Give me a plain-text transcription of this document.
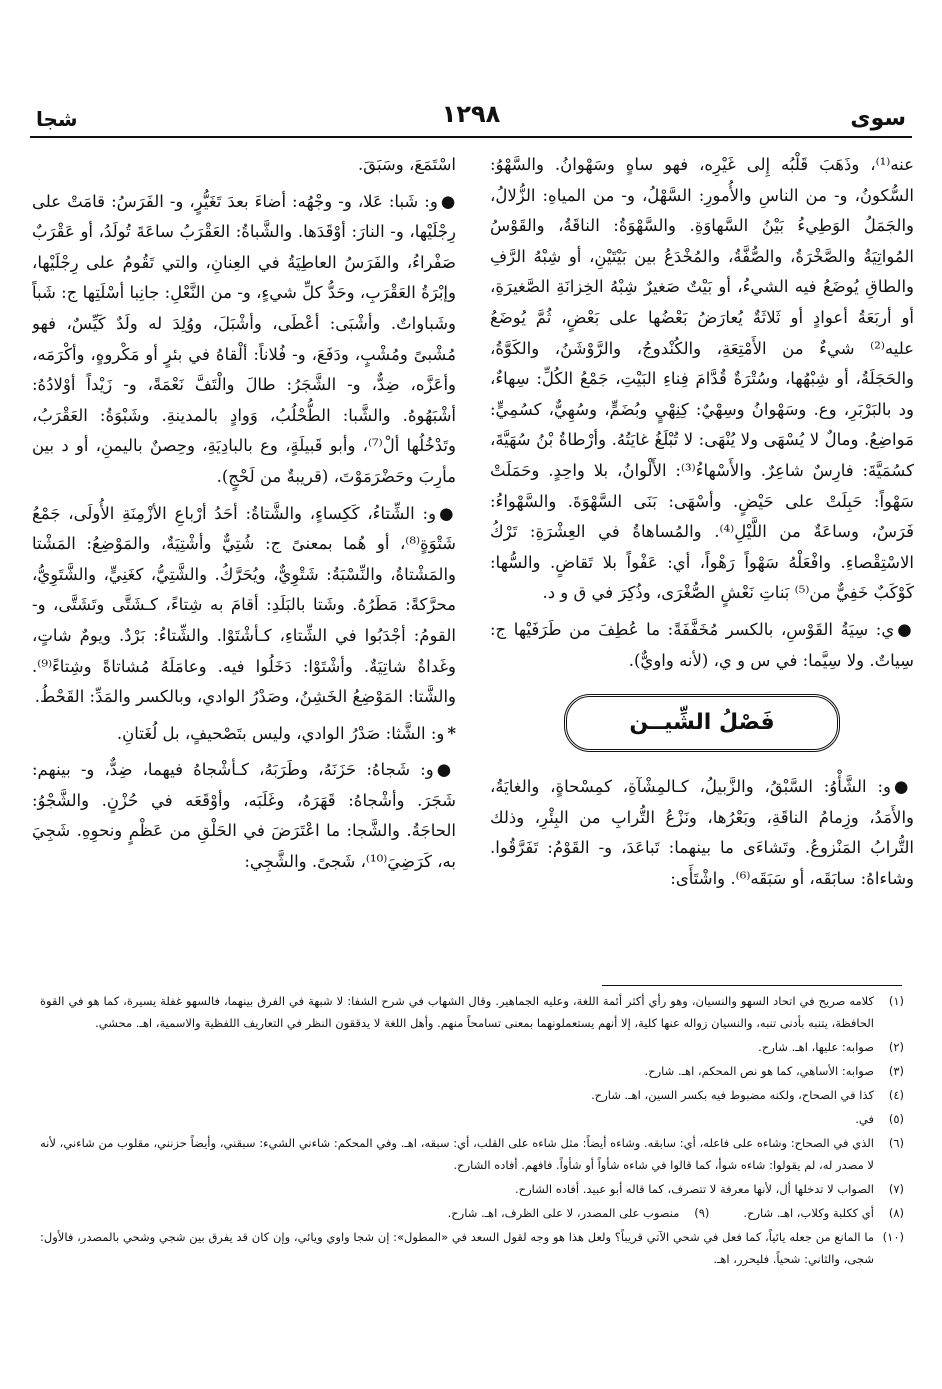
سوى
١٢٩٨
شجا

عنه⁽¹⁾، وذَهَبَ قَلْبُه إِلى غَيْرِه، فهو ساهٍ وسَهْوانُ. والسَّهْوُ: السُّكونُ، و- من الناسِ والأُمورِ: السَّهْلُ، و- من المياهِ: الزُّلالُ، والجَمَلُ الوَطِيءُ بَيْنُ السَّهاوَةِ. والسَّهْوَةُ: الناقَةُ، والقَوْسُ المُواتِيَةُ والصَّخْرَةُ، والصُّفَّةُ، والمُخْدَعُ بين بَيْتَيْنِ، أو شِبْهُ الرَّفِ والطاقِ يُوضَعُ فيه الشيءُ، أو بَيْتٌ صَغيرٌ شِبْهُ الخِزانَةِ الصَّغيرَةِ، أو أربَعَةُ أعوادٍ أو ثَلاثَةٌ يُعارَضُ بَعْضُها على بَعْضٍ، ثُمَّ يُوضَعُ عليه⁽²⁾ شيءٌ من الأَمْتِعَةِ، والكُنْدوجُ، والرَّوْشَنُ، والكَوَّةُ، والحَجَلَةُ، أو شِبْهُها، وسُتْرَةٌ قُدَّامَ فِناءِ البَيْتِ، جَمْعُ الكُلِّ: سِهاءٌ، ود بالبَرْبَرِ، وع. وسَهْوانُ وسِهْيٌ: كِنِهْيٍ وبُضَمٍّ، وسُهِيٌّ، كسُمِيٍّ: مَواضِعُ. ومالٌ لا يُسْهَى ولا يُنْهَى: لا تُبْلَغُ غايَتُهُ. وأرْطاةُ بْنُ سُهَيَّةَ، كسُمَيَّةَ: فارِسٌ شاعِرٌ. والأَسْهاءُ⁽³⁾: الأَلْوانُ، بلا واحِدٍ. وحَمَلَتْ سَهْواً: حَبِلَتْ على حَيْضٍ. وأسْهَى: بَنَى السَّهْوَةَ. والسَّهْواءُ: فَرَسٌ، وساعَةٌ من اللَّيْلِ⁽⁴⁾. والمُساهاةُ في العِشْرَةِ: تَرْكُ الاسْتِقْصاءِ. وافْعَلْهُ سَهْواً رَهْواً، أي: عَفْواً بلا تَقاضٍ. والسُّها: كَوْكَبٌ خَفِيٌّ من⁽⁵⁾ بَناتِ نَعْشٍ الصُّغْرَى، وذُكِرَ في ق و د.

●ي: سِيَةُ القَوْسِ، بالكسر مُخَفَّفَةً: ما عُطِفَ من طَرَفَيْها ج: سِياتٌ. ولا سِيَّما: في س و ي، (لأنه واويٌّ).

فَصْلُ الشِّيــن

●و: الشَّأْوُ: السَّبْقُ، والزَّبيلُ، كـالمِشْآةِ، كمِسْحاةٍ، والغايَةُ، والأَمَدُ، وزِمامُ الناقَةِ، وبَعْرُها، ونَزْعُ التُّرابِ من البِئْرِ، وذلك التُّرابُ المَنْزوعُ. وتَشاءَى ما بينهما: تَباعَدَ، و- القَوْمُ: تَفَرَّقُوا. وشاءاهُ: سابَقَه، أو سَبَقَه⁽⁶⁾. واشْتَأَى:

اسْتَمَعَ، وسَبَقَ.

●و: شَبا: عَلا، و- وجْهُه: أضاءَ بعدَ تَغَيُّرٍ، و- الفَرَسُ: قامَتْ على رِجْلَيْها، و- النارَ: أوْقَدَها. والشَّباةُ: العَقْرَبُ ساعَةَ تُولَدُ، أو عَقْرَبٌ صَفْراءُ، والفَرَسُ العاطِيَةُ في العِنانِ، والتي تَقُومُ على رِجْلَيْها، وإبْرَةُ العَقْرَبِ، وحَدُّ كلِّ شيءٍ، و- من النَّعْلِ: جانِبا أسْلَتِها ج: شَباً وشَباواتٌ. وأشْبَى: أعْطَى، وأشْبَلَ، ووُلِدَ له ولَدٌ كَيِّسٌ، فهو مُشْبىً ومُشْبٍ، ودَفَعَ، و- فُلاناً: ألْقاهُ في بئرٍ أو مَكْروهٍ، وأكْرَمَه، وأعَزَّه، ضِدٌّ، و- الشَّجَرُ: طالَ والْتَفَّ نَعْمَةً، و- زَيْداً أوْلادُهُ: أشْبَهُوهُ. والشَّبا: الطُّحْلُبُ، وَوادٍ بالمدينةِ. وشَبْوَةُ: العَقْرَبُ، وتَدْخُلُها ألْ⁽⁷⁾، وأبو قَبيلَةٍ، وع بالبادِيَةِ، وحِصنٌ باليمنِ، أو د بين مأرِبَ وحَضْرَمَوْتَ، (قريبةٌ من لَحْجٍ).

●و: الشِّتاءُ، كَكِساءٍ، والشَّتاةُ: أحَدُ أرْباعِ الأزْمِنَةِ الأُولَى، جَمْعُ شَتْوَةٍ⁽⁸⁾، أو هُما بمعنىً ج: شُتِيٌّ وأشْتِيَةٌ، والمَوْضِعُ: المَشْتا والمَشْتاةُ، والنِّسْبَةُ: شَتْوِيٌّ، ويُحَرَّكُ. والشَّتِيُّ، كغَنِيٍّ، والشَّتَوِيُّ، محرَّكةً: مَطَرُهُ. وشَتا بالبَلَدِ: أقامَ به شِتاءً، كـشَتَّى وتَشَتَّى، و- القومُ: أجْدَبُوا في الشِّتاءِ، كـأشْتَوْا. والشِّتاءُ: بَرْدٌ. ويومٌ شاتٍ، وغَداةٌ شاتِيَةٌ. وأشْتَوْا: دَخَلُوا فيه. وعامَلَهُ مُشاتاةً وشِتاءً⁽⁹⁾. والشَّتا: المَوْضِعُ الخَشِنُ، وصَدْرُ الوادي، وبالكسر والمَدِّ: القَحْطُ.

*و: الشَّثا: صَدْرُ الوادي، وليس بتَصْحيفٍ، بل لُغَتانِ.

●و: شَجاهُ: حَزَنَهُ، وطَرَبَهُ، كـأشْجاهُ فيهما، ضِدٌّ، و- بينهم: شَجَرَ. وأشْجاهُ: قَهَرَهُ، وغَلَبَه، وأوْقَعَه في حُزْنٍ. والشَّجْوُ: الحاجَةُ. والشَّجا: ما اعْتَرَضَ في الحَلْقِ من عَظْمٍ ونحوِهِ. شَجِيَ به، كَرَضِيَ⁽¹⁰⁾، شَجىً. والشَّجِي:

(١)
كلامه صريح في اتحاد السهو والنسيان، وهو رأي أكثر أئمة اللغة، وعليه الجماهير. وقال الشهاب في شرح الشفا: لا شبهة في الفرق بينهما، فالسهو غفلة يسيرة، كما هو في القوة الحافظة، يتنبه بأدنى تنبه، والنسيان زواله عنها كلية، إلا أنهم يستعملونهما بمعنى تسامحاً منهم. وأهل اللغة لا يدققون النظر في التعاريف اللفظية والاسمية، اهـ. محشي.
(٢)
صوابه: عليها، اهـ. شارح.
(٣)
صوابه: الأساهي، كما هو نص المحكم، اهـ. شارح.
(٤)
كذا في الصحاح، ولكنه مضبوط فيه بكسر السين، اهـ. شارح.
(٥)
في.
(٦)
الذي في الصحاح: وشاءه على فاعله، أي: سابقه. وشاءه أيضاً: مثل شاءه على القلب، أي: سبقه، اهـ. وفي المحكم: شاءني الشيء: سبقني، وأيضاً حزنني، مقلوب من شاءني، لأنه لا مصدر له، لم يقولوا: شاءه شوأ، كما قالوا في شاءه شأواً أو شأواً. فافهم. أفاده الشارح.
(٧)
الصواب لا تدخلها أل، لأنها معرفة لا تتصرف، كما قاله أبو عبيد. أفاده الشارح.
(٨)
أي ككلبة وكلاب، اهـ. شارح.
(٩)
منصوب على المصدر، لا على الظرف، اهـ. شارح.
(١٠)
ما المانع من جعله يائياً، كما فعل في شحي الآتي قريباً؟ ولعل هذا هو وجه لقول السعد في «المطول»: إن شجا واوي ويائي، وإن كان قد يفرق بين شجي وشحي بالمصدر، فالأول: شجى، والثاني: شحياً. فليحرر، اهـ.
